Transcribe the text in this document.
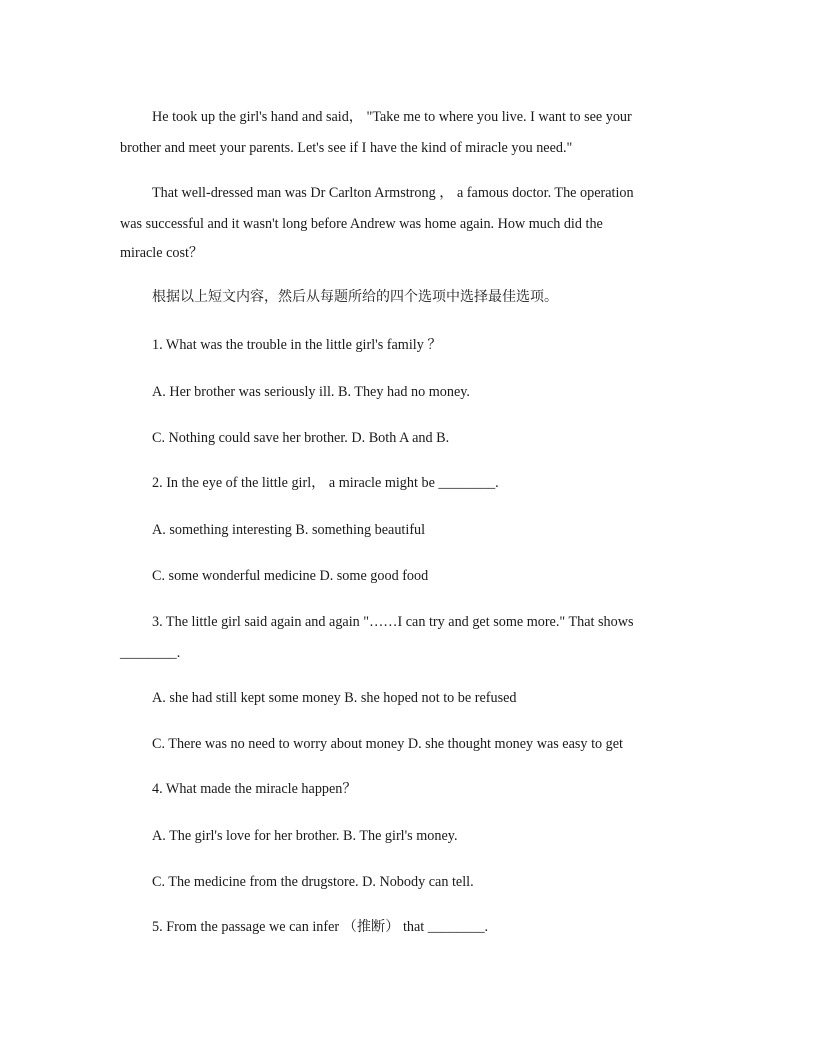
He took up the girl's hand and said， "Take me to where you live. I want to see your
brother and meet your parents. Let's see if I have the kind of miracle you need."
That well-dressed man was Dr Carlton Armstrong ， a famous doctor. The operation
was successful and it wasn't long before Andrew was home again. How much did the
miracle cost？
根据以上短文内容，然后从每题所给的四个选项中选择最佳选项。
1. What was the trouble in the little girl's family ？
A. Her brother was seriously ill. B. They had no money.
C. Nothing could save her brother. D. Both A and B.
2. In the eye of the little girl， a miracle might be ________.
A. something interesting B. something beautiful
C. some wonderful medicine D. some good food
3. The little girl said again and again "……I can try and get some more." That shows
________.
A. she had still kept some money B. she hoped not to be refused
C. There was no need to worry about money D. she thought money was easy to get
4. What made the miracle happen？
A. The girl's love for her brother. B. The girl's money.
C. The medicine from the drugstore. D. Nobody can tell.
5. From the passage we can infer （推断） that ________.
